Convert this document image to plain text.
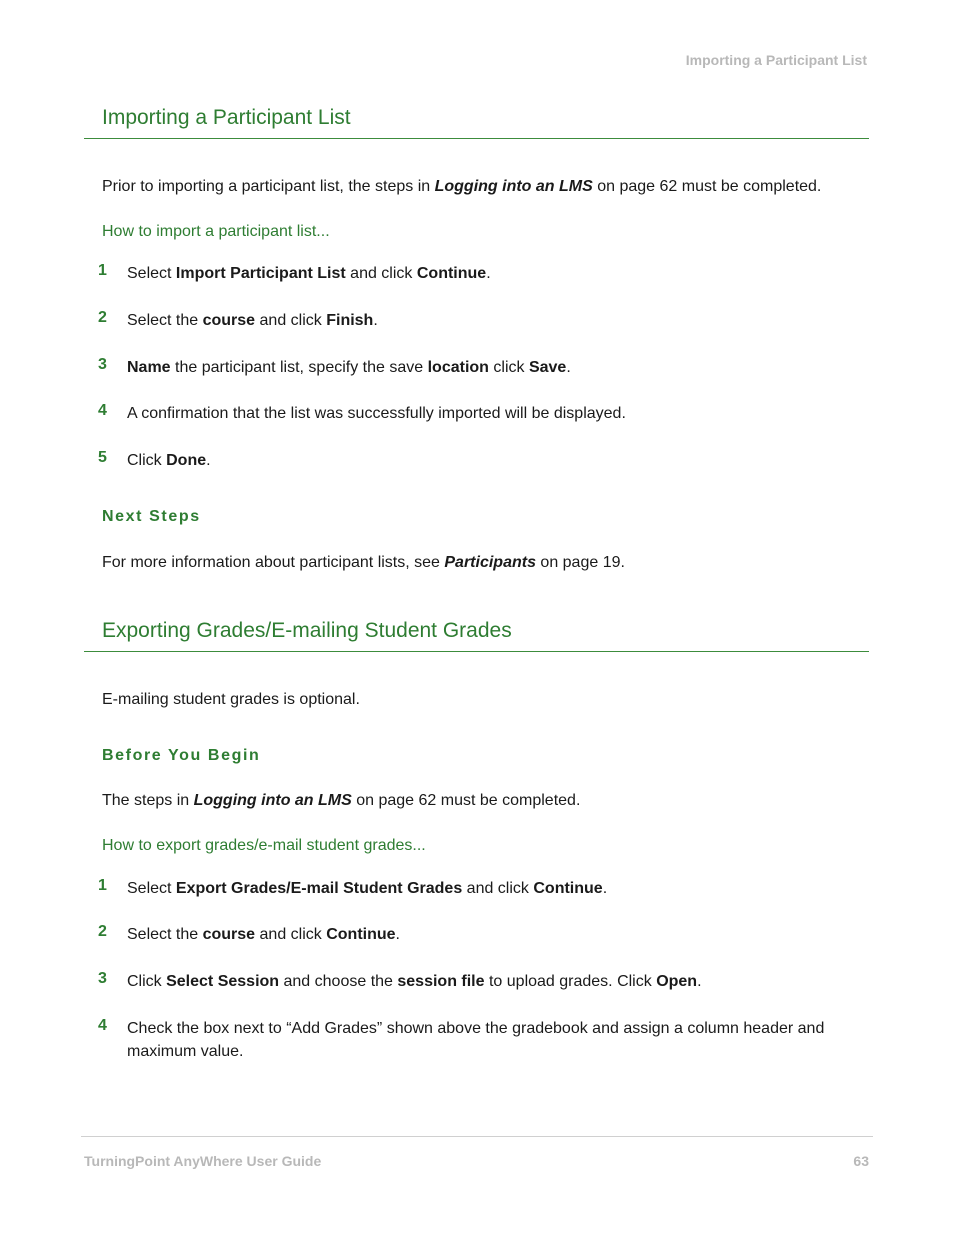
Importing a Participant List
Importing a Participant List
Prior to importing a participant list, the steps in Logging into an LMS on page 62 must be completed.
How to import a participant list...
1	Select Import Participant List and click Continue.
2	Select the course and click Finish.
3	Name the participant list, specify the save location click Save.
4	A confirmation that the list was successfully imported will be displayed.
5	Click Done.
Next Steps
For more information about participant lists, see Participants on page 19.
Exporting Grades/E-mailing Student Grades
E-mailing student grades is optional.
Before You Begin
The steps in Logging into an LMS on page 62 must be completed.
How to export grades/e-mail student grades...
1	Select Export Grades/E-mail Student Grades and click Continue.
2	Select the course and click Continue.
3	Click Select Session and choose the session file to upload grades. Click Open.
4	Check the box next to “Add Grades” shown above the gradebook and assign a column header and maximum value.
TurningPoint AnyWhere User Guide	63
